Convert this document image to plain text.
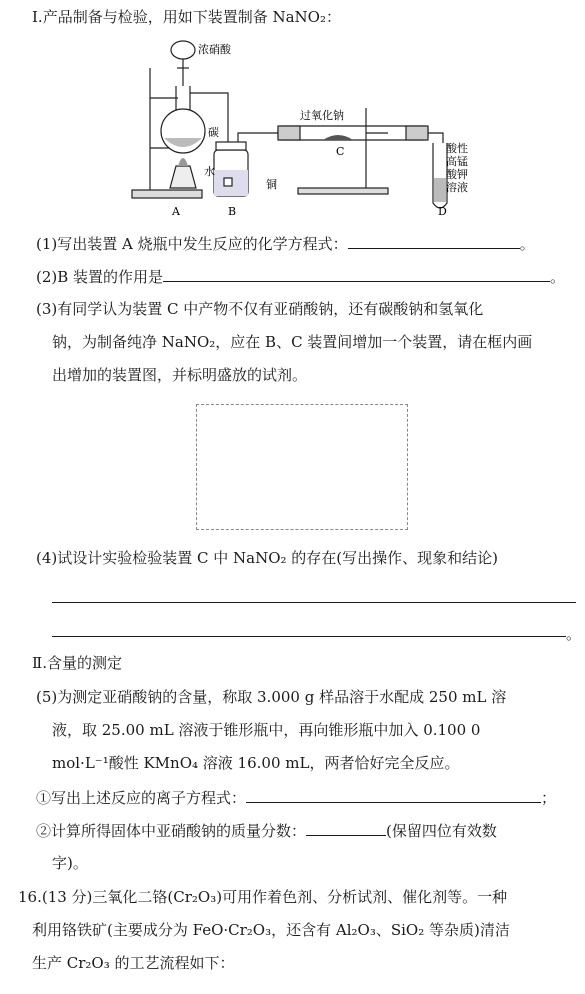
Ⅰ.产品制备与检验，用如下装置制备 NaNO₂：
浓硝酸
碳
水
铜
过氧化钠
酸性
高锰
酸钾
溶液
A	B
C
D
(1)写出装置 A 烧瓶中发生反应的化学方程式：	。
(2)B 装置的作用是	。
(3)有同学认为装置 C 中产物不仅有亚硝酸钠，还有碳酸钠和氢氧化
钠，为制备纯净 NaNO₂，应在 B、C 装置间增加一个装置，请在框内画
出增加的装置图，并标明盛放的试剂。
(4)试设计实验检验装置 C 中 NaNO₂ 的存在(写出操作、现象和结论)
。
Ⅱ.含量的测定
(5)为测定亚硝酸钠的含量，称取 3.000 g 样品溶于水配成 250 mL 溶
液，取 25.00 mL 溶液于锥形瓶中，再向锥形瓶中加入 0.100 0
mol·L⁻¹酸性 KMnO₄ 溶液 16.00 mL，两者恰好完全反应。
①写出上述反应的离子方程式：	；
②计算所得固体中亚硝酸钠的质量分数：	(保留四位有效数
字)。
16.(13 分)三氧化二铬(Cr₂O₃)可用作着色剂、分析试剂、催化剂等。一种
利用铬铁矿(主要成分为 FeO·Cr₂O₃，还含有 Al₂O₃、SiO₂ 等杂质)清洁
生产 Cr₂O₃ 的工艺流程如下：
